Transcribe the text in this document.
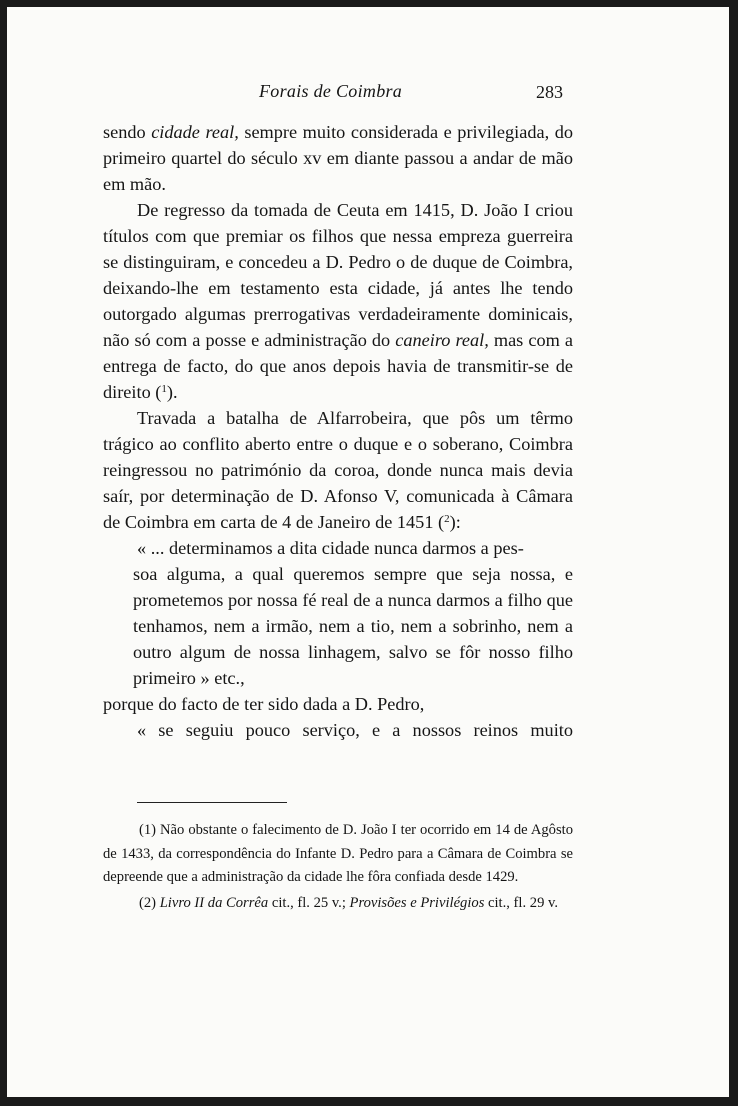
Forais de Coimbra	283

sendo cidade real, sempre muito considerada e privilegiada, do primeiro quartel do século xv em diante passou a andar de mão em mão.

De regresso da tomada de Ceuta em 1415, D. João I criou títulos com que premiar os filhos que nessa empreza guerreira se distinguiram, e concedeu a D. Pedro o de duque de Coimbra, deixando-lhe em testamento esta cidade, já antes lhe tendo outorgado algumas prerrogativas verdadeiramente dominicais, não só com a posse e administração do caneiro real, mas com a entrega de facto, do que anos depois havia de transmitir-se de direito ($^1$).

Travada a batalha de Alfarrobeira, que pôs um têrmo trágico ao conflito aberto entre o duque e o soberano, Coimbra reingressou no património da coroa, donde nunca mais devia saír, por determinação de D. Afonso V, comunicada à Câmara de Coimbra em carta de 4 de Janeiro de 1451 ($^2$):

« ... determinamos a dita cidade nunca darmos a pes-

soa alguma, a qual queremos sempre que seja nossa, e prometemos por nossa fé real de a nunca darmos a filho que tenhamos, nem a irmão, nem a tio, nem a sobrinho, nem a outro algum de nossa linhagem, salvo se fôr nosso filho primeiro » etc.,

porque do facto de ter sido dada a D. Pedro,

« se seguiu pouco serviço, e a nossos reinos muito

(1) Não obstante o falecimento de D. João I ter ocorrido em 14 de Agôsto de 1433, da correspondência do Infante D. Pedro para a Câmara de Coimbra se depreende que a administração da cidade lhe fôra confiada desde 1429.

(2) Livro II da Corrêa cit., fl. 25 v.; Provisões e Privilégios cit., fl. 29 v.
